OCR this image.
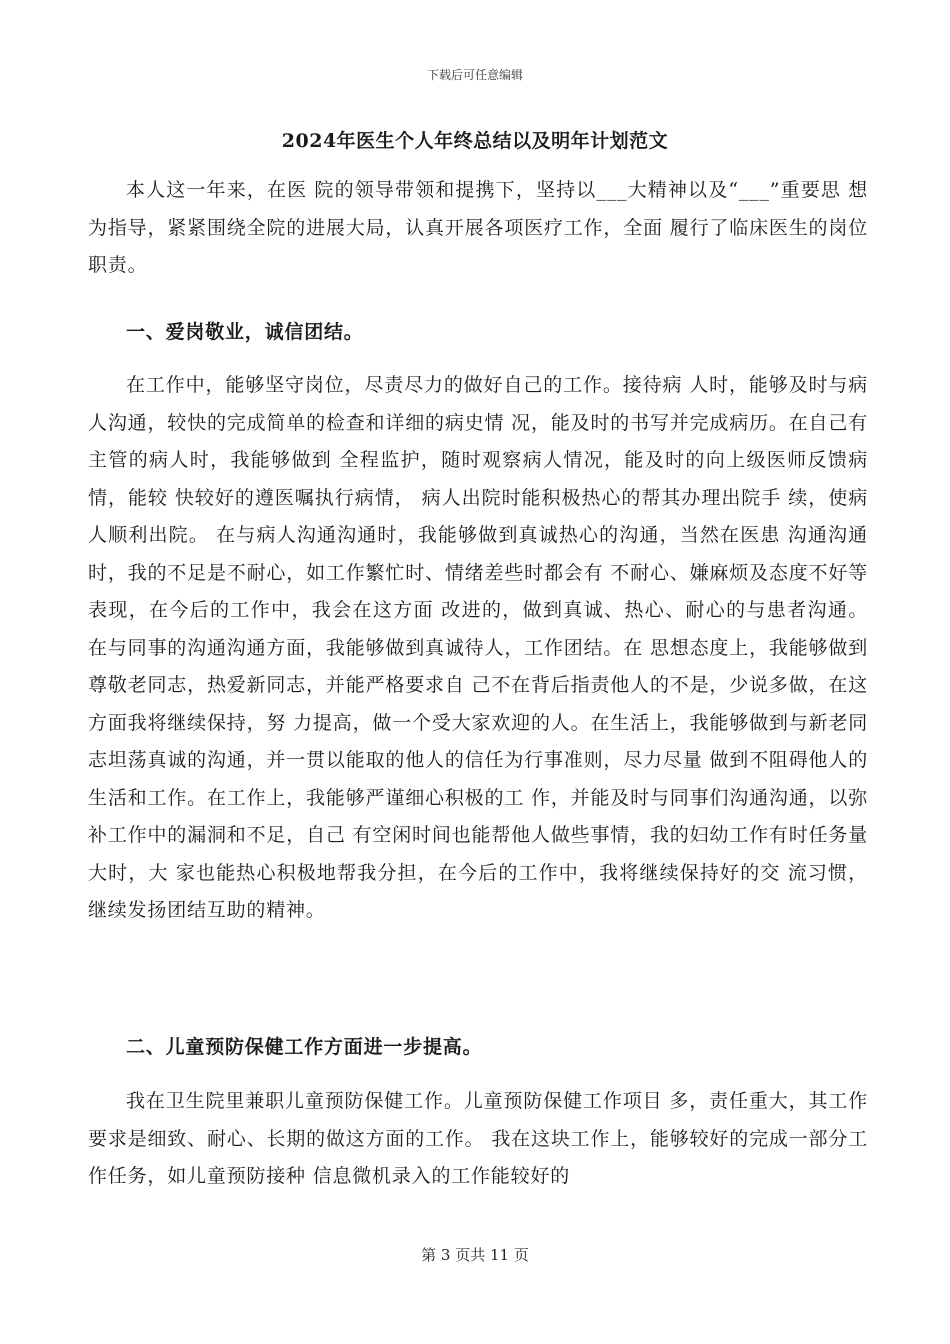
下载后可任意编辑
2024年医生个人年终总结以及明年计划范文

本人这一年来，在医 院的领导带领和提携下，坚持以___大精神以及“___”重要思 想为指导，紧紧围绕全院的进展大局，认真开展各项医疗工作，全面 履行了临床医生的岗位职责。

一、爱岗敬业，诚信团结。

在工作中，能够坚守岗位，尽责尽力的做好自己的工作。接待病 人时，能够及时与病人沟通，较快的完成简单的检查和详细的病史情 况，能及时的书写并完成病历。在自己有主管的病人时，我能够做到 全程监护，随时观察病人情况，能及时的向上级医师反馈病情，能较 快较好的遵医嘱执行病情， 病人出院时能积极热心的帮其办理出院手 续，使病人顺利出院。 在与病人沟通沟通时，我能够做到真诚热心的沟通，当然在医患 沟通沟通时，我的不足是不耐心，如工作繁忙时、情绪差些时都会有 不耐心、嫌麻烦及态度不好等表现，在今后的工作中，我会在这方面 改进的，做到真诚、热心、耐心的与患者沟通。 在与同事的沟通沟通方面，我能够做到真诚待人，工作团结。在 思想态度上，我能够做到尊敬老同志，热爱新同志，并能严格要求自 己不在背后指责他人的不是，少说多做，在这方面我将继续保持，努 力提高，做一个受大家欢迎的人。在生活上，我能够做到与新老同志坦荡真诚的沟通，并一贯以能取的他人的信任为行事准则，尽力尽量 做到不阻碍他人的生活和工作。在工作上，我能够严谨细心积极的工 作，并能及时与同事们沟通沟通，以弥补工作中的漏洞和不足，自己 有空闲时间也能帮他人做些事情，我的妇幼工作有时任务量大时，大 家也能热心积极地帮我分担，在今后的工作中，我将继续保持好的交 流习惯，继续发扬团结互助的精神。

二、儿童预防保健工作方面进一步提高。

我在卫生院里兼职儿童预防保健工作。儿童预防保健工作项目 多，责任重大，其工作要求是细致、耐心、长期的做这方面的工作。 我在这块工作上，能够较好的完成一部分工作任务，如儿童预防接种 信息微机录入的工作能较好的

第 3 页共 11 页
